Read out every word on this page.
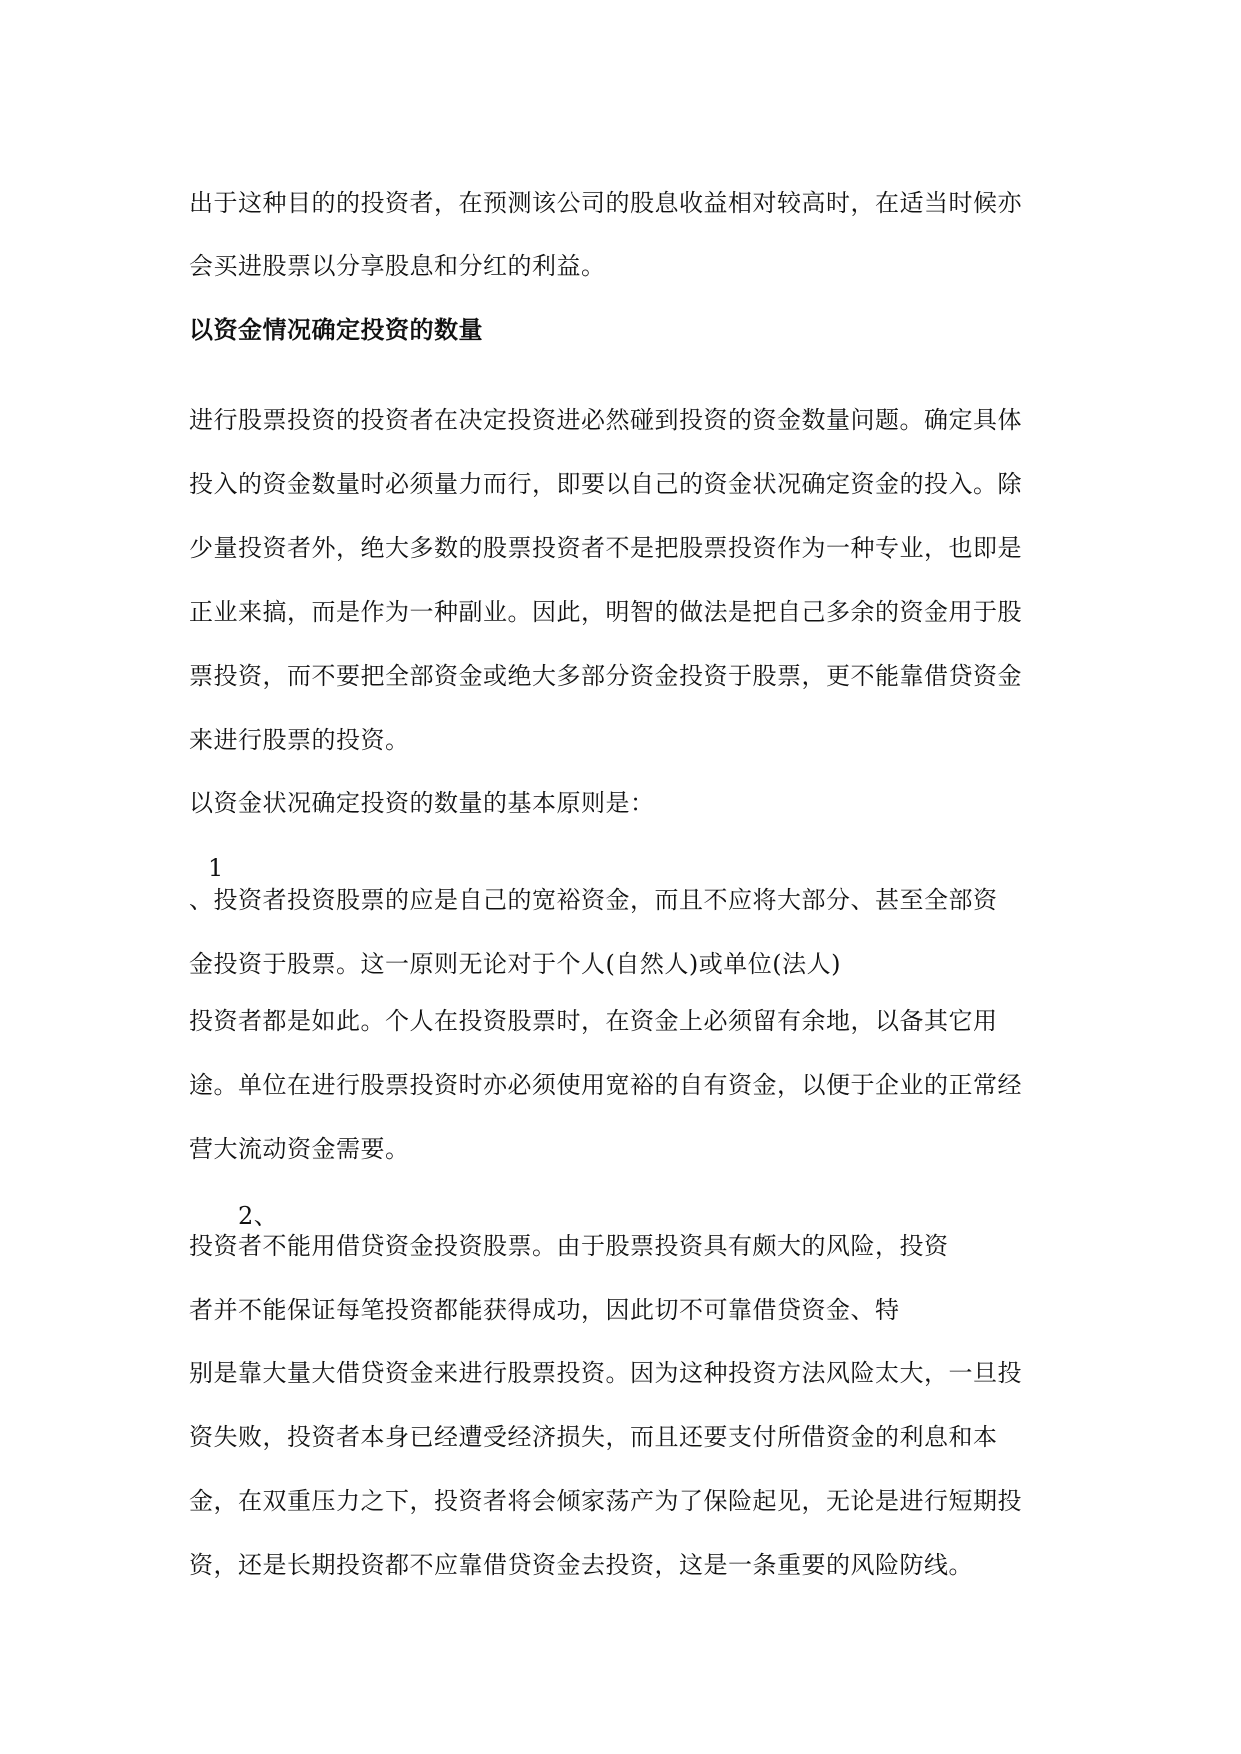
出于这种目的的投资者，在预测该公司的股息收益相对较高时，在适当时候亦
会买进股票以分享股息和分红的利益。
以资金情况确定投资的数量
进行股票投资的投资者在决定投资进必然碰到投资的资金数量问题。确定具体
投入的资金数量时必须量力而行，即要以自己的资金状况确定资金的投入。除
少量投资者外，绝大多数的股票投资者不是把股票投资作为一种专业，也即是
正业来搞，而是作为一种副业。因此，明智的做法是把自己多余的资金用于股
票投资，而不要把全部资金或绝大多部分资金投资于股票，更不能靠借贷资金
来进行股票的投资。
以资金状况确定投资的数量的基本原则是：
1
、投资者投资股票的应是自己的宽裕资金，而且不应将大部分、甚至全部资
金投资于股票。这一原则无论对于个人(自然人)或单位(法人)
投资者都是如此。个人在投资股票时，在资金上必须留有余地，以备其它用
途。单位在进行股票投资时亦必须使用宽裕的自有资金，以便于企业的正常经
营大流动资金需要。
2、
投资者不能用借贷资金投资股票。由于股票投资具有颇大的风险，投资
者并不能保证每笔投资都能获得成功，因此切不可靠借贷资金、特
别是靠大量大借贷资金来进行股票投资。因为这种投资方法风险太大，一旦投
资失败，投资者本身已经遭受经济损失，而且还要支付所借资金的利息和本
金，在双重压力之下，投资者将会倾家荡产为了保险起见，无论是进行短期投
资，还是长期投资都不应靠借贷资金去投资，这是一条重要的风险防线。
